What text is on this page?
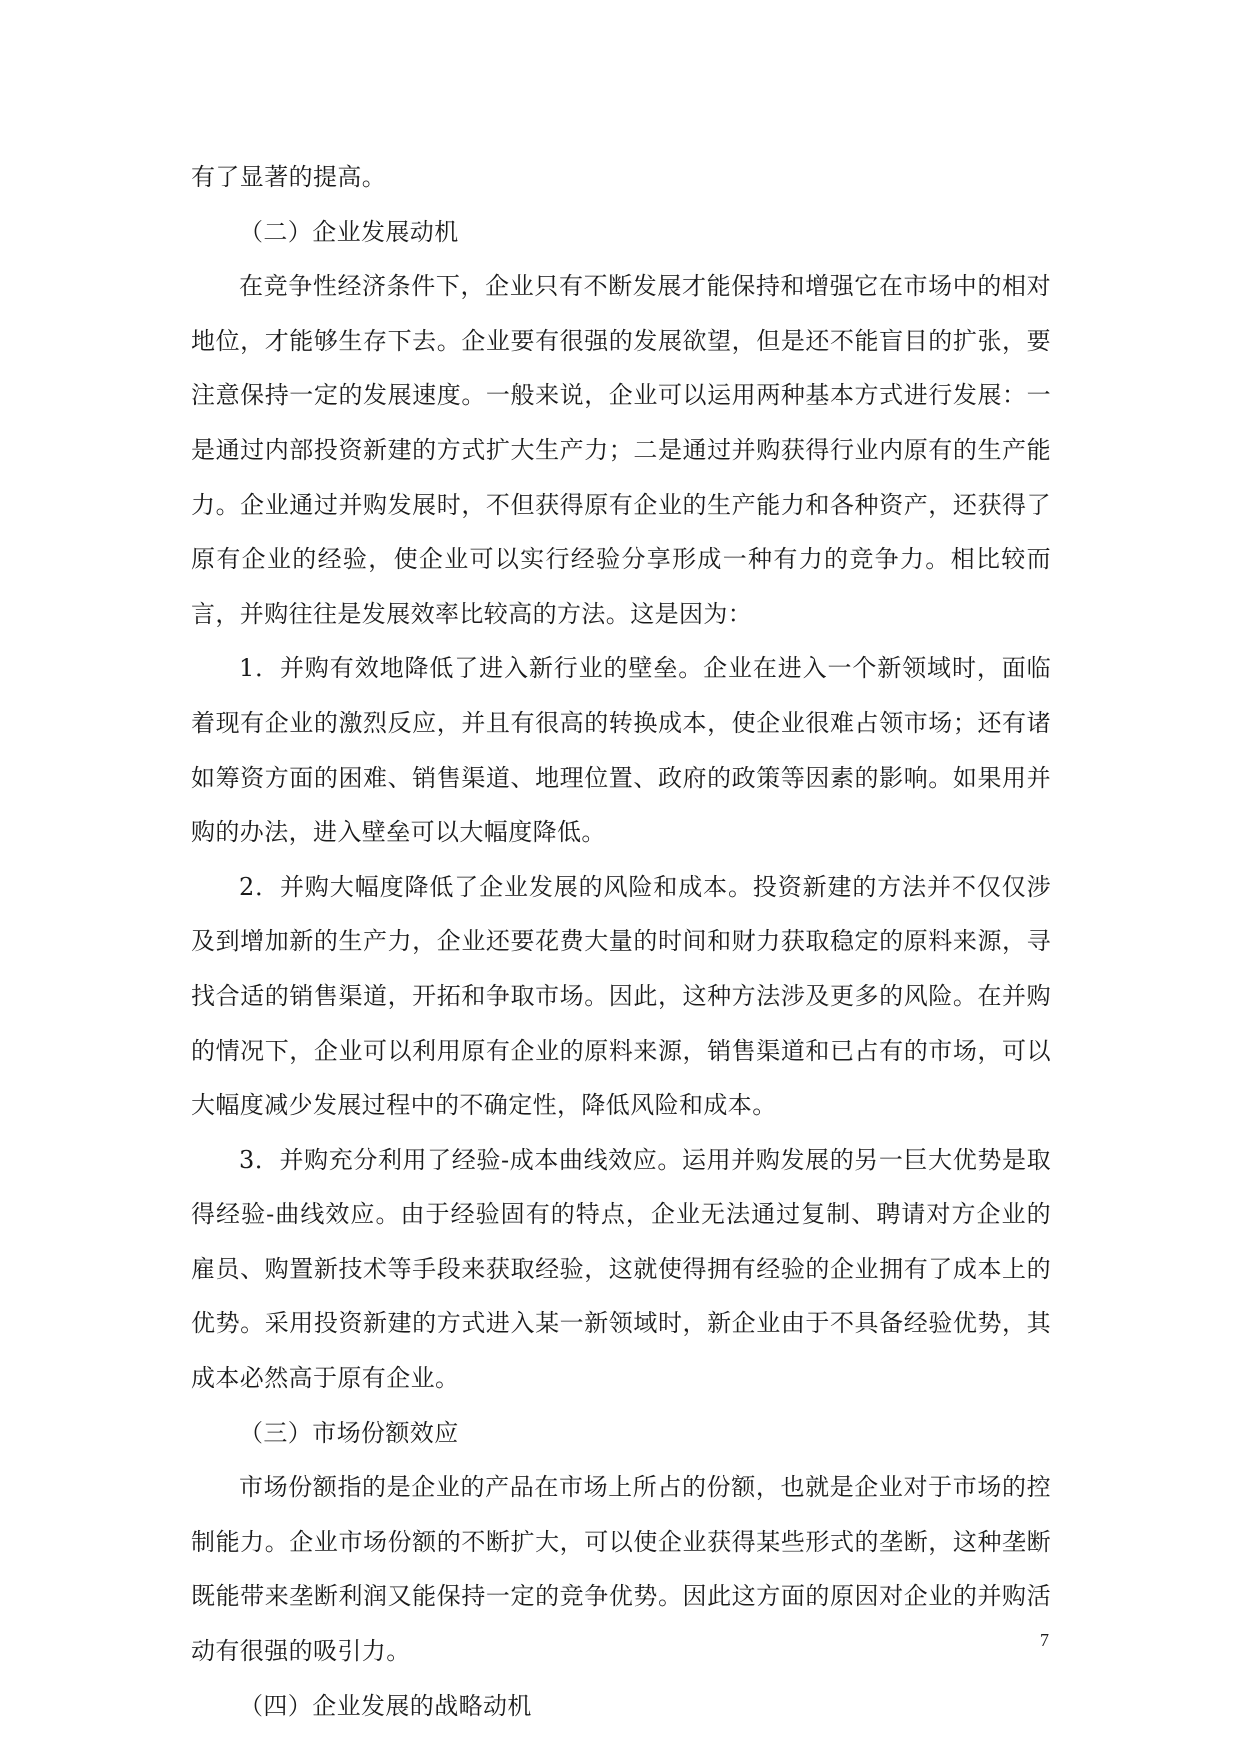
有了显著的提高。

（二）企业发展动机

在竞争性经济条件下，企业只有不断发展才能保持和增强它在市场中的相对地位，才能够生存下去。企业要有很强的发展欲望，但是还不能盲目的扩张，要注意保持一定的发展速度。一般来说，企业可以运用两种基本方式进行发展：一是通过内部投资新建的方式扩大生产力；二是通过并购获得行业内原有的生产能力。企业通过并购发展时，不但获得原有企业的生产能力和各种资产，还获得了原有企业的经验，使企业可以实行经验分享形成一种有力的竞争力。相比较而言，并购往往是发展效率比较高的方法。这是因为：

1．并购有效地降低了进入新行业的壁垒。企业在进入一个新领域时，面临着现有企业的激烈反应，并且有很高的转换成本，使企业很难占领市场；还有诸如筹资方面的困难、销售渠道、地理位置、政府的政策等因素的影响。如果用并购的办法，进入壁垒可以大幅度降低。

2．并购大幅度降低了企业发展的风险和成本。投资新建的方法并不仅仅涉及到增加新的生产力，企业还要花费大量的时间和财力获取稳定的原料来源，寻找合适的销售渠道，开拓和争取市场。因此，这种方法涉及更多的风险。在并购的情况下，企业可以利用原有企业的原料来源，销售渠道和已占有的市场，可以大幅度减少发展过程中的不确定性，降低风险和成本。

3．并购充分利用了经验-成本曲线效应。运用并购发展的另一巨大优势是取得经验-曲线效应。由于经验固有的特点，企业无法通过复制、聘请对方企业的雇员、购置新技术等手段来获取经验，这就使得拥有经验的企业拥有了成本上的优势。采用投资新建的方式进入某一新领域时，新企业由于不具备经验优势，其成本必然高于原有企业。

（三）市场份额效应

市场份额指的是企业的产品在市场上所占的份额，也就是企业对于市场的控制能力。企业市场份额的不断扩大，可以使企业获得某些形式的垄断，这种垄断既能带来垄断利润又能保持一定的竞争优势。因此这方面的原因对企业的并购活动有很强的吸引力。

（四）企业发展的战略动机

7
